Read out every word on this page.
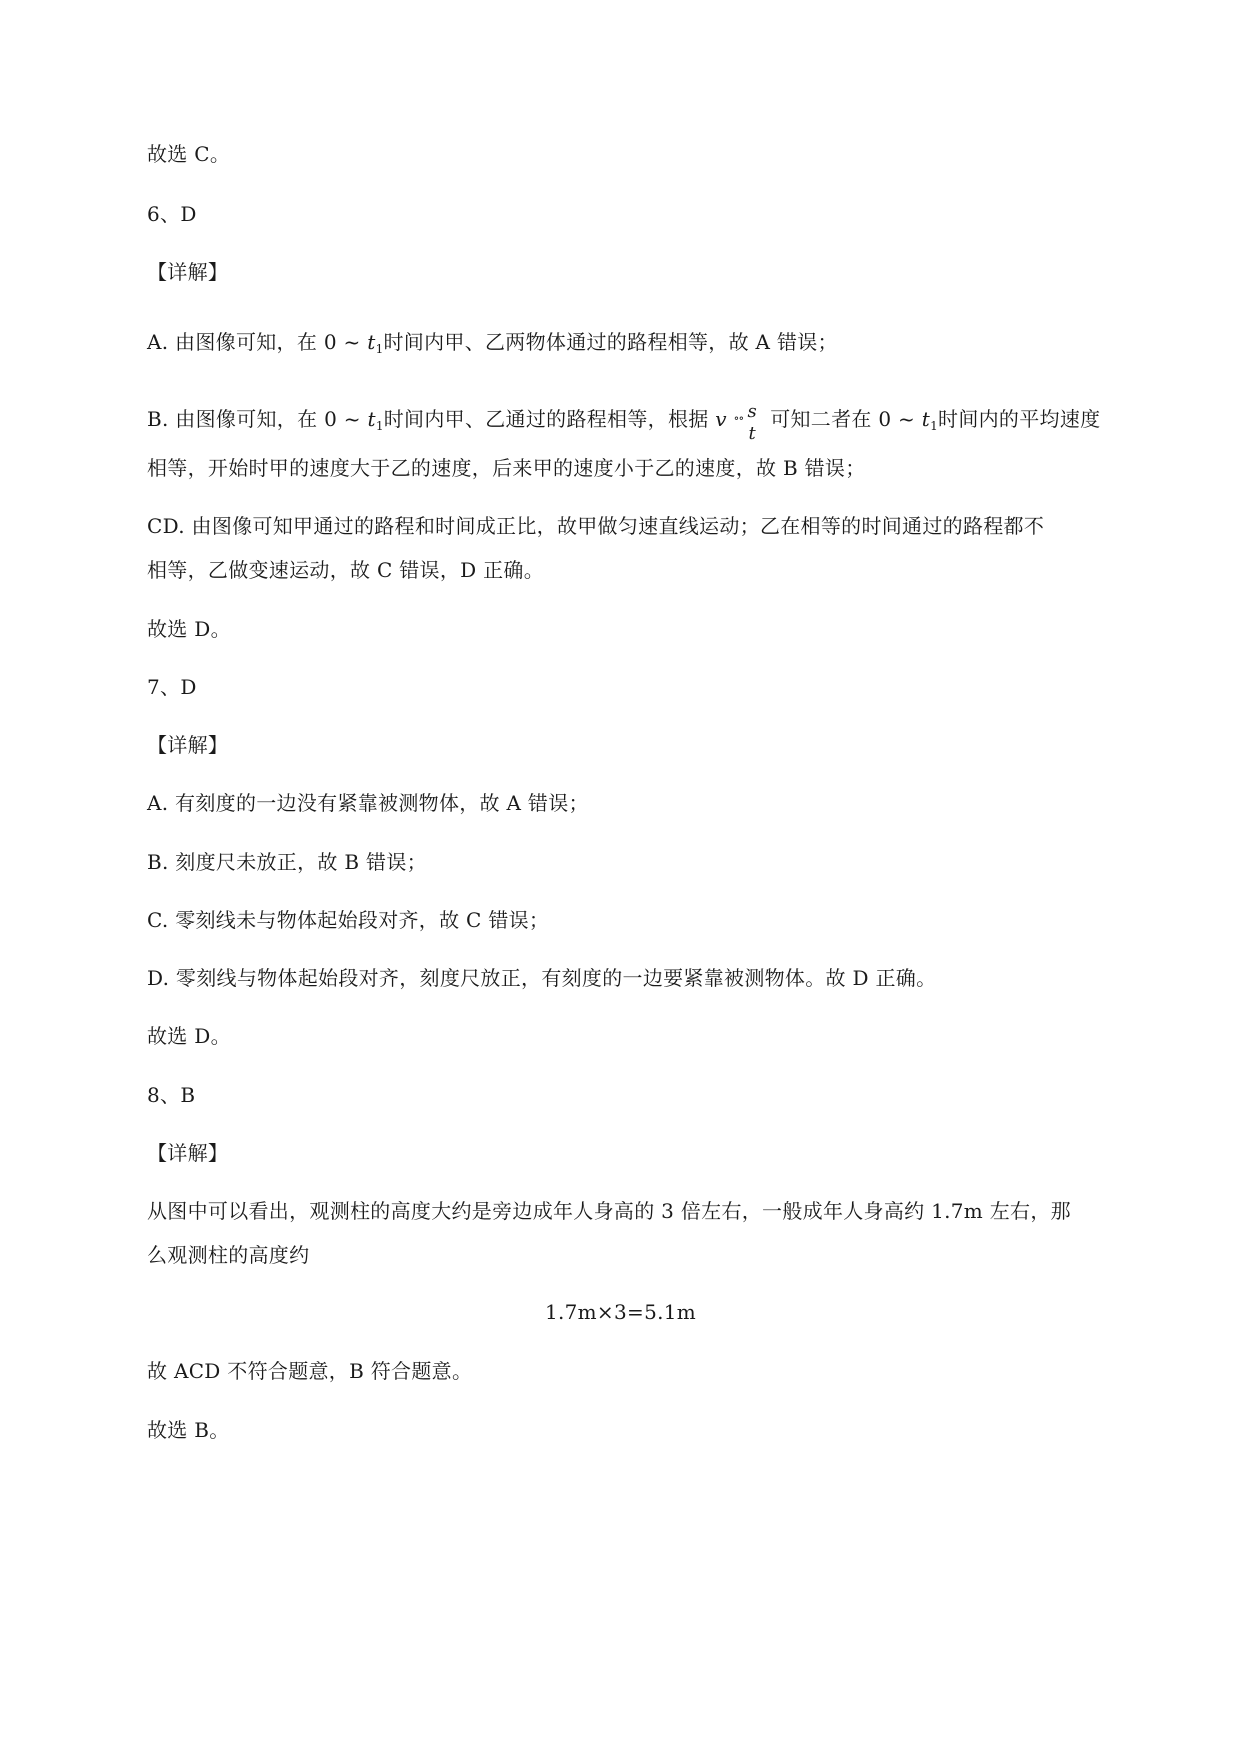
故选 C。
6、D
【详解】
A. 由图像可知，在 0 ~ $t_1$时间内甲、乙两物体通过的路程相等，故 A 错误；
B. 由图像可知，在 0 ~ $t_1$时间内甲、乙通过的路程相等，根据 v ∘∘ s
t
可知二者在 0 ~ $t_1$时间内的平均速度
相等，开始时甲的速度大于乙的速度，后来甲的速度小于乙的速度，故 B 错误；
CD. 由图像可知甲通过的路程和时间成正比，故甲做匀速直线运动；乙在相等的时间通过的路程都不
相等，乙做变速运动，故 C 错误，D 正确。
故选 D。
7、D
【详解】
A. 有刻度的一边没有紧靠被测物体，故 A 错误；
B. 刻度尺未放正，故 B 错误；
C. 零刻线未与物体起始段对齐，故 C 错误；
D. 零刻线与物体起始段对齐，刻度尺放正，有刻度的一边要紧靠被测物体。故 D 正确。
故选 D。
8、B
【详解】
从图中可以看出，观测柱的高度大约是旁边成年人身高的 3 倍左右，一般成年人身高约 1.7m 左右，那
么观测柱的高度约
1.7m×3=5.1m
故 ACD 不符合题意，B 符合题意。
故选 B。
